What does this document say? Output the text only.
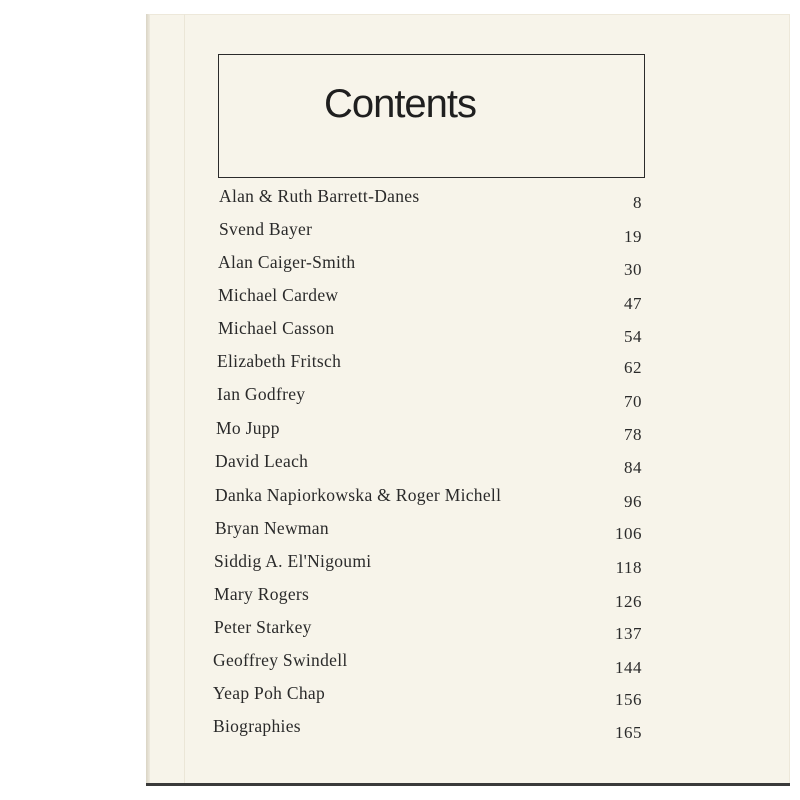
Contents
Alan & Ruth Barrett-Danes	8
Svend Bayer	19
Alan Caiger-Smith	30
Michael Cardew	47
Michael Casson	54
Elizabeth Fritsch	62
Ian Godfrey	70
Mo Jupp	78
David Leach	84
Danka Napiorkowska & Roger Michell	96
Bryan Newman	106
Siddig A. El'Nigoumi	118
Mary Rogers	126
Peter Starkey	137
Geoffrey Swindell	144
Yeap Poh Chap	156
Biographies	165
